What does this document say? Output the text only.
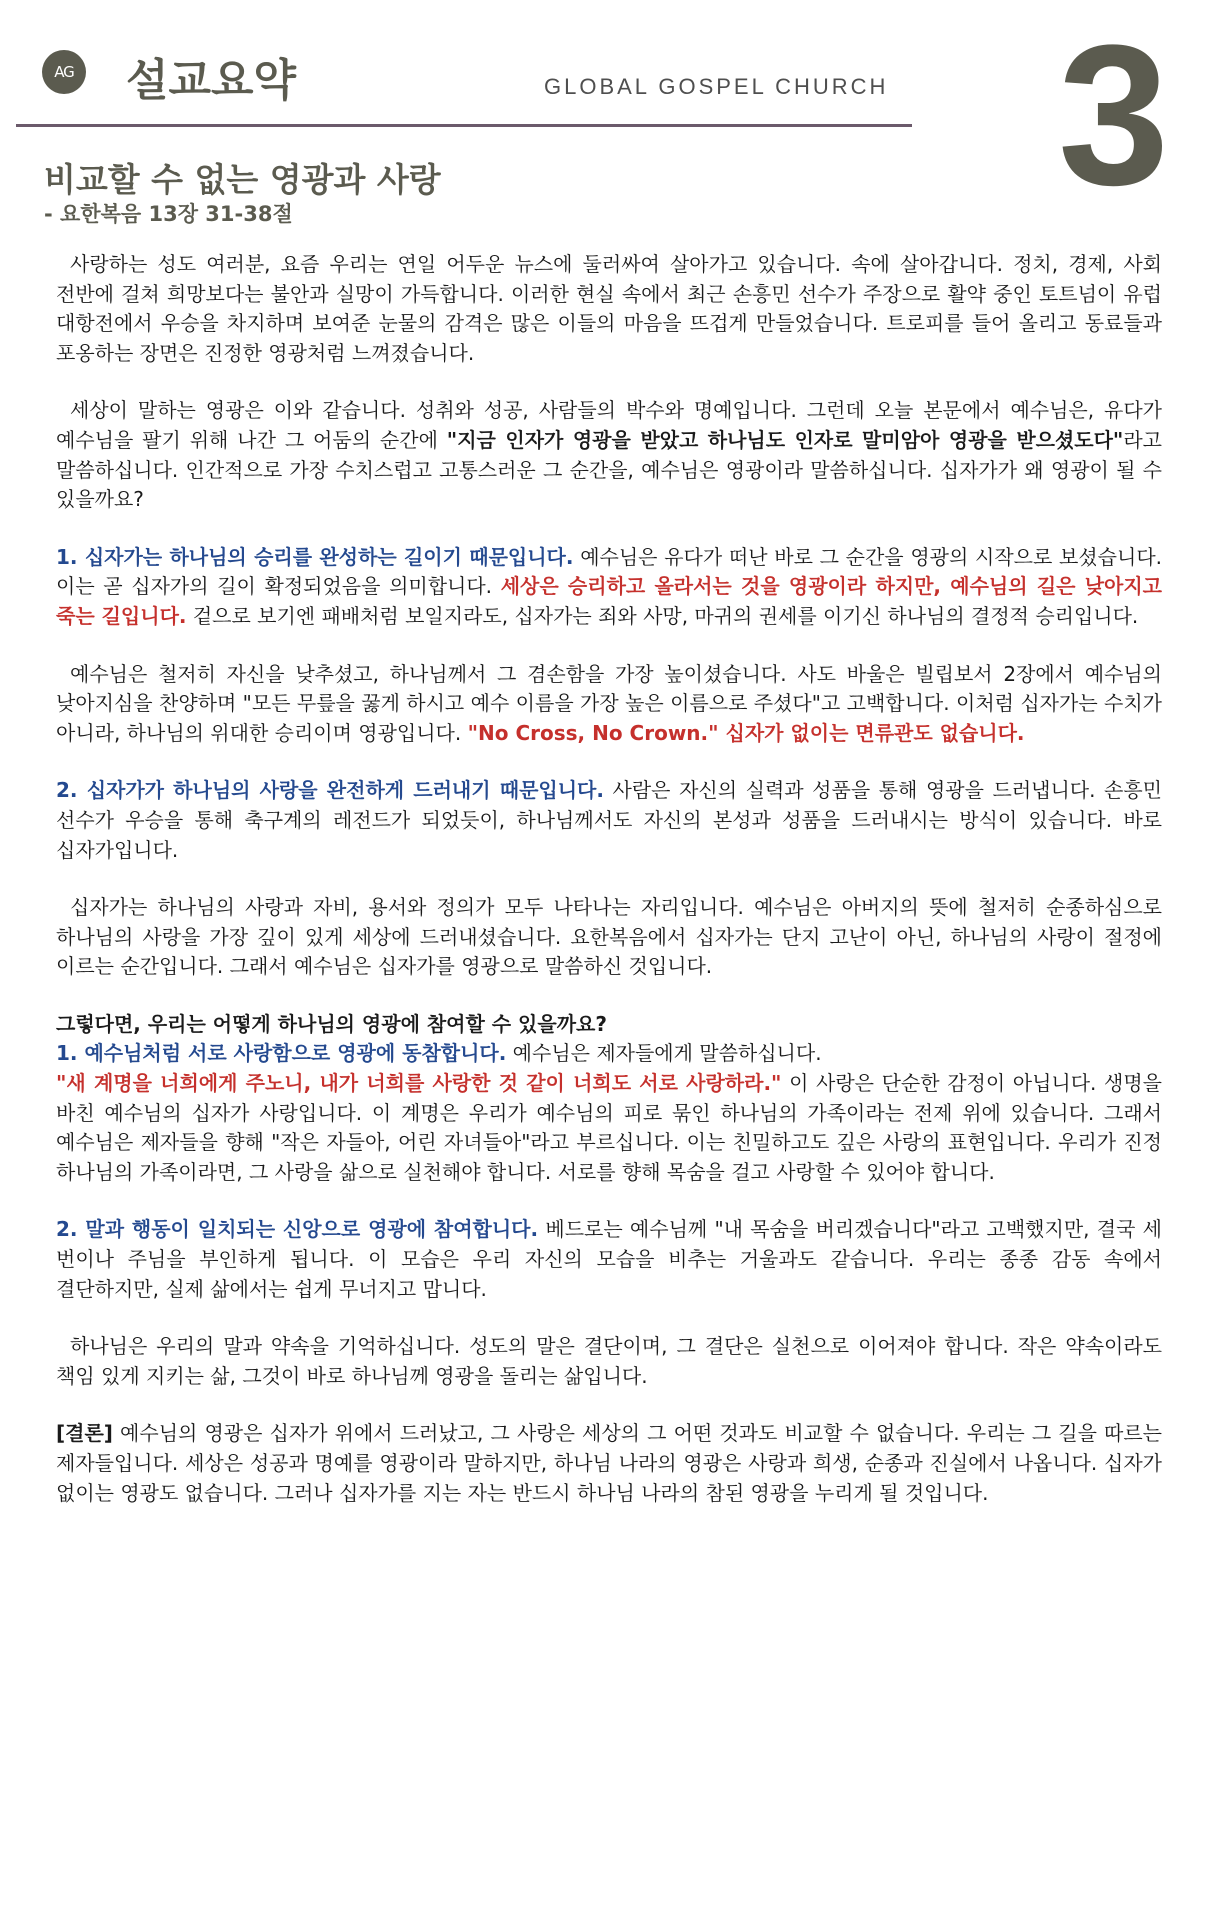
AG 설교요약	GLOBAL GOSPEL CHURCH 3
비교할 수 없는 영광과 사랑
- 요한복음 13장 31-38절

사랑하는 성도 여러분, 요즘 우리는 연일 어두운 뉴스에 둘러싸여 살아가고 있습니다. 속에 살아갑니다. 정치, 경제, 사회 전반에 걸쳐 희망보다는 불안과 실망이 가득합니다. 이러한 현실 속에서 최근 손흥민 선수가 주장으로 활약 중인 토트넘이 유럽 대항전에서 우승을 차지하며 보여준 눈물의 감격은 많은 이들의 마음을 뜨겁게 만들었습니다. 트로피를 들어 올리고 동료들과 포옹하는 장면은 진정한 영광처럼 느껴졌습니다.

세상이 말하는 영광은 이와 같습니다. 성취와 성공, 사람들의 박수와 명예입니다. 그런데 오늘 본문에서 예수님은, 유다가 예수님을 팔기 위해 나간 그 어둠의 순간에 "지금 인자가 영광을 받았고 하나님도 인자로 말미암아 영광을 받으셨도다"라고 말씀하십니다. 인간적으로 가장 수치스럽고 고통스러운 그 순간을, 예수님은 영광이라 말씀하십니다. 십자가가 왜 영광이 될 수 있을까요?

1. 십자가는 하나님의 승리를 완성하는 길이기 때문입니다. 예수님은 유다가 떠난 바로 그 순간을 영광의 시작으로 보셨습니다. 이는 곧 십자가의 길이 확정되었음을 의미합니다. 세상은 승리하고 올라서는 것을 영광이라 하지만, 예수님의 길은 낮아지고 죽는 길입니다. 겉으로 보기엔 패배처럼 보일지라도, 십자가는 죄와 사망, 마귀의 권세를 이기신 하나님의 결정적 승리입니다.

예수님은 철저히 자신을 낮추셨고, 하나님께서 그 겸손함을 가장 높이셨습니다. 사도 바울은 빌립보서 2장에서 예수님의 낮아지심을 찬양하며 "모든 무릎을 꿇게 하시고 예수 이름을 가장 높은 이름으로 주셨다"고 고백합니다. 이처럼 십자가는 수치가 아니라, 하나님의 위대한 승리이며 영광입니다. "No Cross, No Crown." 십자가 없이는 면류관도 없습니다.

2. 십자가가 하나님의 사랑을 완전하게 드러내기 때문입니다. 사람은 자신의 실력과 성품을 통해 영광을 드러냅니다. 손흥민 선수가 우승을 통해 축구계의 레전드가 되었듯이, 하나님께서도 자신의 본성과 성품을 드러내시는 방식이 있습니다. 바로 십자가입니다.

십자가는 하나님의 사랑과 자비, 용서와 정의가 모두 나타나는 자리입니다. 예수님은 아버지의 뜻에 철저히 순종하심으로 하나님의 사랑을 가장 깊이 있게 세상에 드러내셨습니다. 요한복음에서 십자가는 단지 고난이 아닌, 하나님의 사랑이 절정에 이르는 순간입니다. 그래서 예수님은 십자가를 영광으로 말씀하신 것입니다.

그렇다면, 우리는 어떻게 하나님의 영광에 참여할 수 있을까요?

1. 예수님처럼 서로 사랑함으로 영광에 동참합니다. 예수님은 제자들에게 말씀하십니다.
"새 계명을 너희에게 주노니, 내가 너희를 사랑한 것 같이 너희도 서로 사랑하라." 이 사랑은 단순한 감정이 아닙니다. 생명을 바친 예수님의 십자가 사랑입니다. 이 계명은 우리가 예수님의 피로 묶인 하나님의 가족이라는 전제 위에 있습니다. 그래서 예수님은 제자들을 향해 "작은 자들아, 어린 자녀들아"라고 부르십니다. 이는 친밀하고도 깊은 사랑의 표현입니다. 우리가 진정 하나님의 가족이라면, 그 사랑을 삶으로 실천해야 합니다. 서로를 향해 목숨을 걸고 사랑할 수 있어야 합니다.

2. 말과 행동이 일치되는 신앙으로 영광에 참여합니다. 베드로는 예수님께 "내 목숨을 버리겠습니다"라고 고백했지만, 결국 세 번이나 주님을 부인하게 됩니다. 이 모습은 우리 자신의 모습을 비추는 거울과도 같습니다. 우리는 종종 감동 속에서 결단하지만, 실제 삶에서는 쉽게 무너지고 맙니다.

하나님은 우리의 말과 약속을 기억하십니다. 성도의 말은 결단이며, 그 결단은 실천으로 이어져야 합니다. 작은 약속이라도 책임 있게 지키는 삶, 그것이 바로 하나님께 영광을 돌리는 삶입니다.

[결론] 예수님의 영광은 십자가 위에서 드러났고, 그 사랑은 세상의 그 어떤 것과도 비교할 수 없습니다. 우리는 그 길을 따르는 제자들입니다. 세상은 성공과 명예를 영광이라 말하지만, 하나님 나라의 영광은 사랑과 희생, 순종과 진실에서 나옵니다. 십자가 없이는 영광도 없습니다. 그러나 십자가를 지는 자는 반드시 하나님 나라의 참된 영광을 누리게 될 것입니다.
